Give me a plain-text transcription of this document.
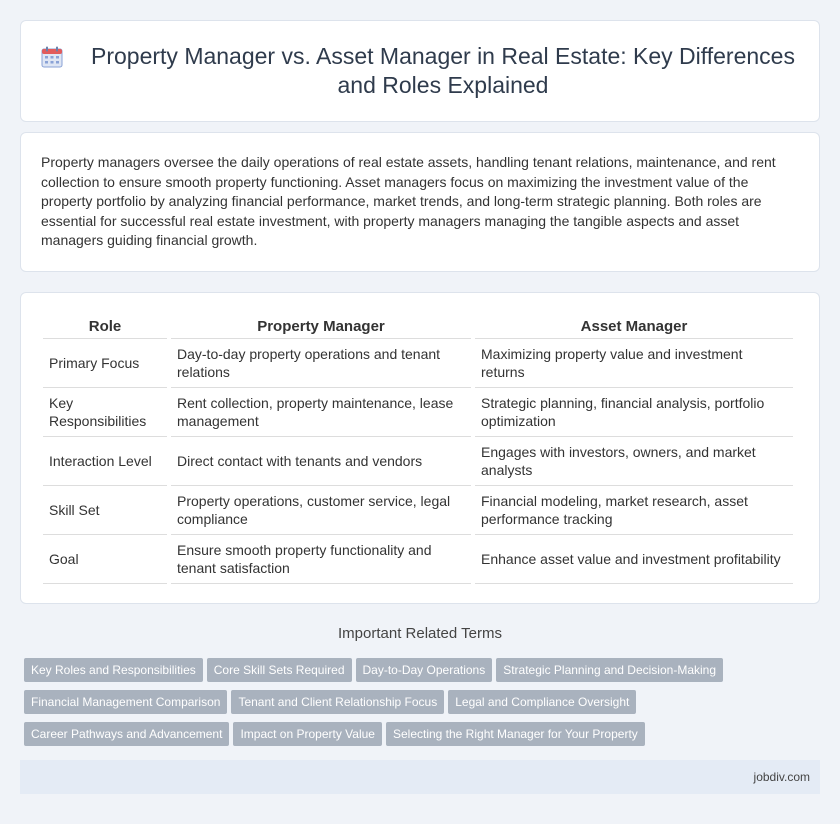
Property Manager vs. Asset Manager in Real Estate: Key Differences and Roles Explained

Property managers oversee the daily operations of real estate assets, handling tenant relations, maintenance, and rent collection to ensure smooth property functioning. Asset managers focus on maximizing the investment value of the property portfolio by analyzing financial performance, market trends, and long-term strategic planning. Both roles are essential for successful real estate investment, with property managers managing the tangible aspects and asset managers guiding financial growth.

Role	Property Manager	Asset Manager
Primary Focus	Day-to-day property operations and tenant relations	Maximizing property value and investment returns
Key Responsibilities	Rent collection, property maintenance, lease management	Strategic planning, financial analysis, portfolio optimization
Interaction Level	Direct contact with tenants and vendors	Engages with investors, owners, and market analysts
Skill Set	Property operations, customer service, legal compliance	Financial modeling, market research, asset performance tracking
Goal	Ensure smooth property functionality and tenant satisfaction	Enhance asset value and investment profitability
Important Related Terms
Key Roles and Responsibilities Core Skill Sets Required Day-to-Day Operations Strategic Planning and Decision-Making
Financial Management Comparison Tenant and Client Relationship Focus Legal and Compliance Oversight
Career Pathways and Advancement Impact on Property Value Selecting the Right Manager for Your Property
jobdiv.com
